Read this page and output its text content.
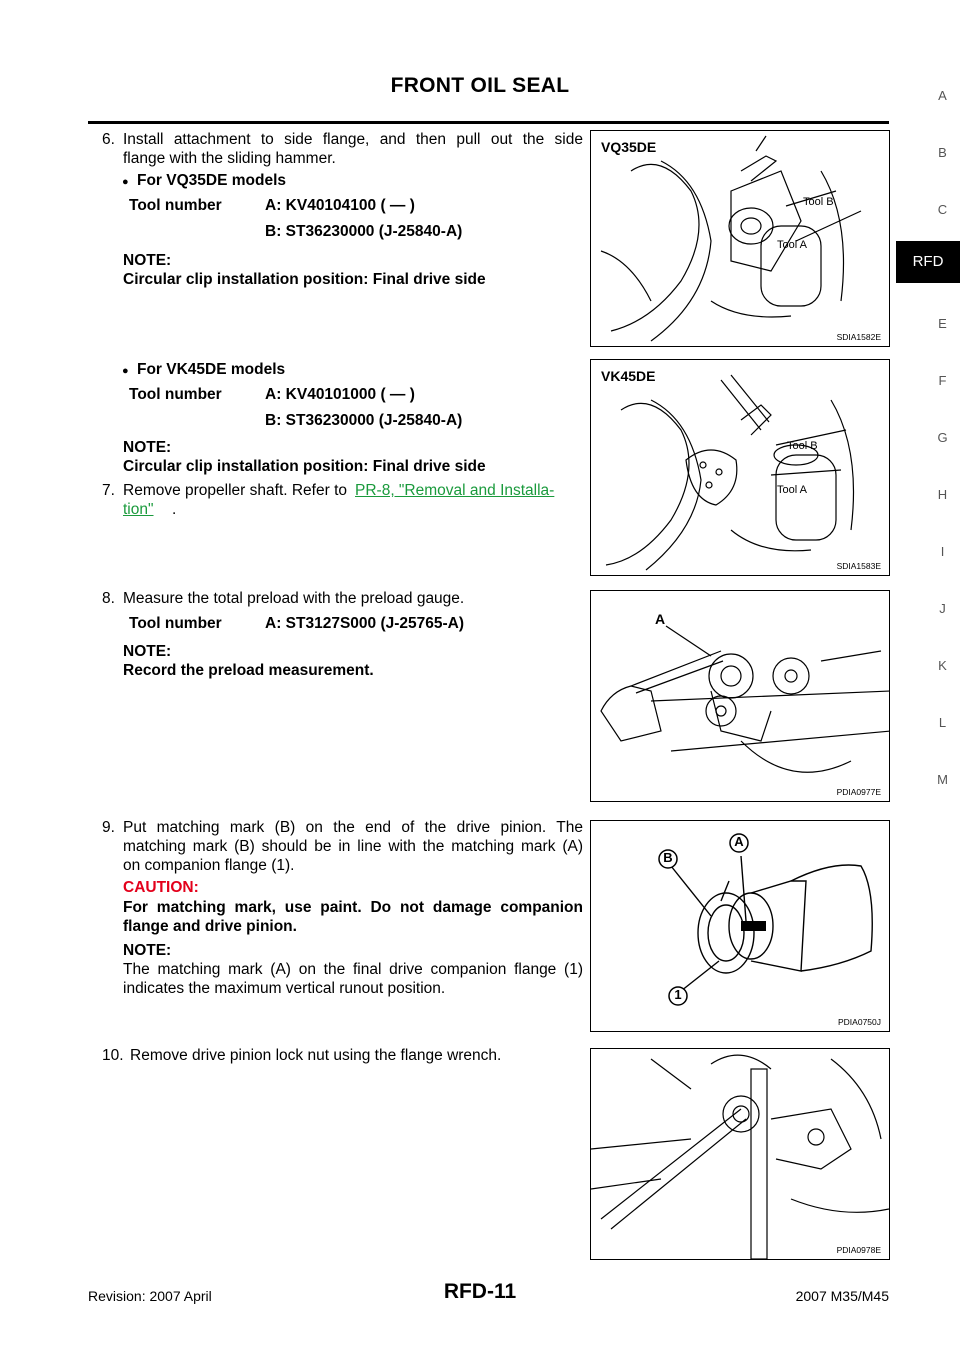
FRONT OIL SEAL	A
B
C
RFD
E
F
G
H
I
J
K
L
M
6. Install attachment to side flange, and then pull out the side
flange with the sliding hammer.
● For VQ35DE models
Tool number	A: KV40104100 ( — )
B: ST36230000 (J-25840-A)
NOTE:
Circular clip installation position: Final drive side
● For VK45DE models
Tool number	A: KV40101000 ( — )
B: ST36230000 (J-25840-A)
NOTE:
Circular clip installation position: Final drive side
7. Remove propeller shaft. Refer to PR-8, "Removal and Installa-
tion" .
8. Measure the total preload with the preload gauge.
Tool number	A: ST3127S000 (J-25765-A)
NOTE:
Record the preload measurement.
9. Put matching mark (B) on the end of the drive pinion. The
matching mark (B) should be in line with the matching mark (A)
on companion flange (1).
CAUTION:
For matching mark, use paint. Do not damage companion
flange and drive pinion.
NOTE:
The matching mark (A) on the final drive companion flange (1)
indicates the maximum vertical runout position.
10. Remove drive pinion lock nut using the flange wrench.
VQ35DE
Tool B
Tool A
SDIA1582E
VK45DE
Tool B
Tool A
SDIA1583E
A
PDIA0977E
B
A
1
PDIA0750J
PDIA0978E
Revision: 2007 April	RFD-11	2007 M35/M45
